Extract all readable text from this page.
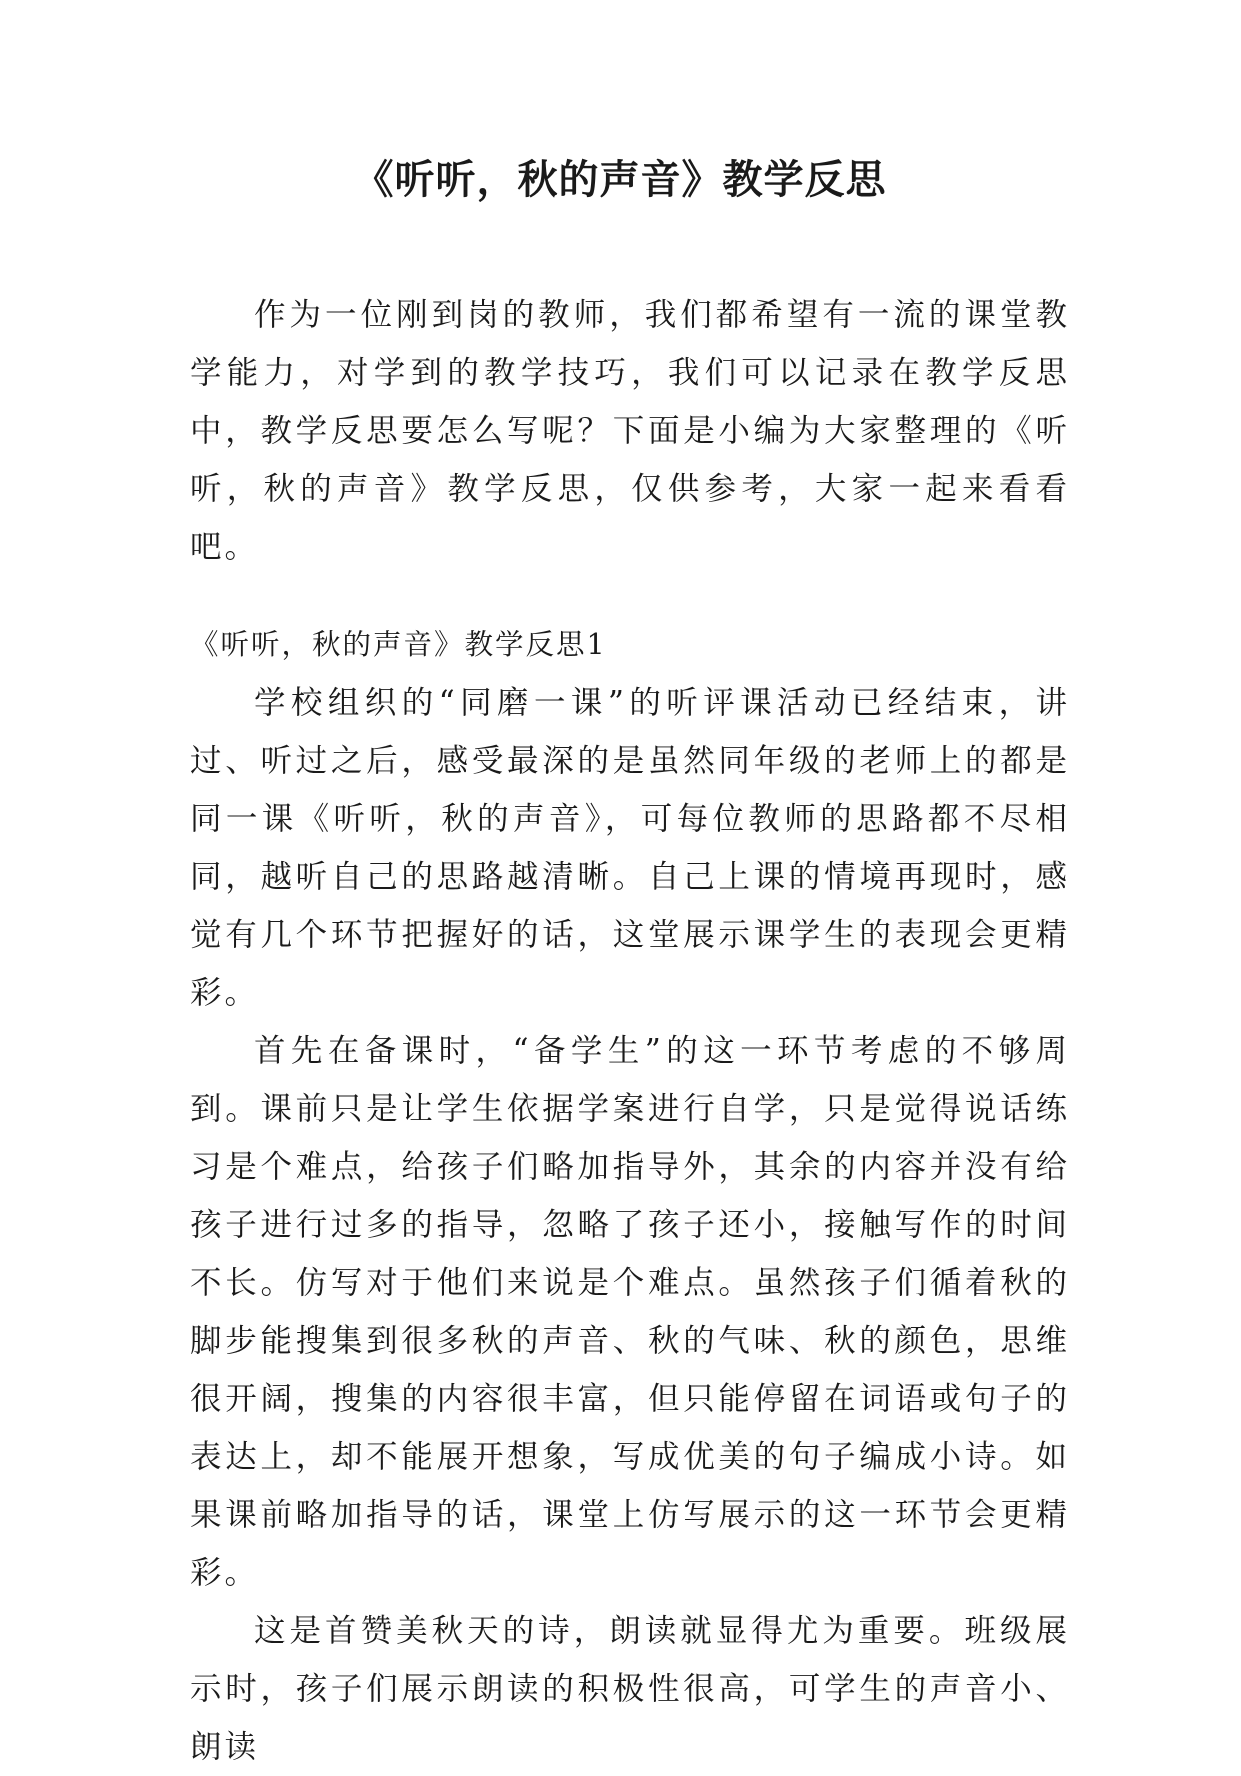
《听听，秋的声音》教学反思

作为一位刚到岗的教师，我们都希望有一流的课堂教学能力，对学到的教学技巧，我们可以记录在教学反思中，教学反思要怎么写呢？下面是小编为大家整理的《听听，秋的声音》教学反思，仅供参考，大家一起来看看吧。

《听听，秋的声音》教学反思1

学校组织的“同磨一课”的听评课活动已经结束，讲过、听过之后，感受最深的是虽然同年级的老师上的都是同一课《听听，秋的声音》，可每位教师的思路都不尽相同，越听自己的思路越清晰。自己上课的情境再现时，感觉有几个环节把握好的话，这堂展示课学生的表现会更精彩。

首先在备课时，“备学生”的这一环节考虑的不够周到。课前只是让学生依据学案进行自学，只是觉得说话练习是个难点，给孩子们略加指导外，其余的内容并没有给孩子进行过多的指导，忽略了孩子还小，接触写作的时间不长。仿写对于他们来说是个难点。虽然孩子们循着秋的脚步能搜集到很多秋的声音、秋的气味、秋的颜色，思维很开阔，搜集的内容很丰富，但只能停留在词语或句子的表达上，却不能展开想象，写成优美的句子编成小诗。如果课前略加指导的话，课堂上仿写展示的这一环节会更精彩。

这是首赞美秋天的诗，朗读就显得尤为重要。班级展示时，孩子们展示朗读的积极性很高，可学生的声音小、朗读
